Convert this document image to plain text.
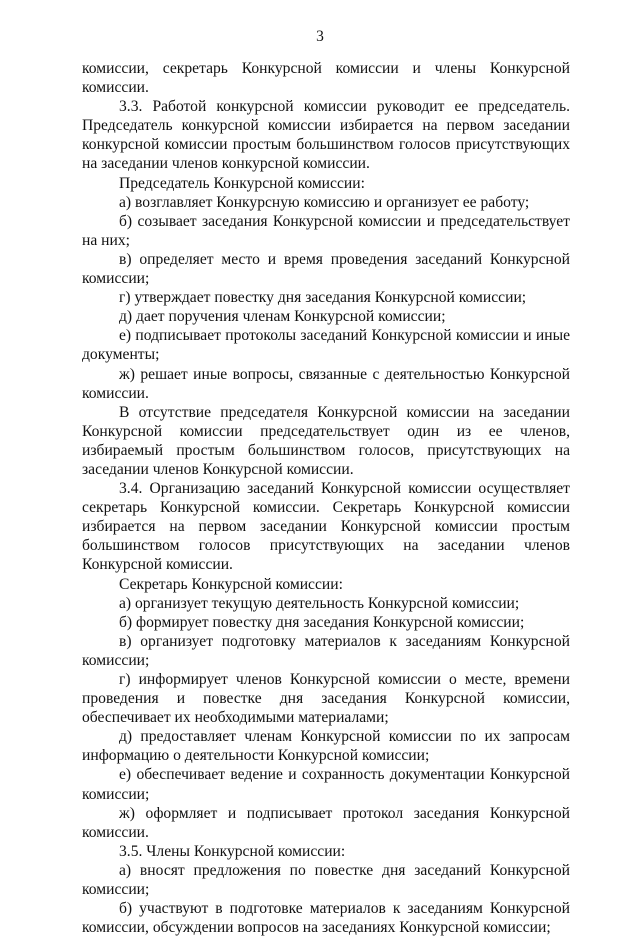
3

комиссии, секретарь Конкурсной комиссии и члены Конкурсной комиссии.

3.3. Работой конкурсной комиссии руководит ее председатель. Председатель конкурсной комиссии избирается на первом заседании конкурсной комиссии простым большинством голосов присутствующих на заседании членов конкурсной комиссии.

Председатель Конкурсной комиссии:

а) возглавляет Конкурсную комиссию и организует ее работу;

б) созывает заседания Конкурсной комиссии и председательствует на них;

в) определяет место и время проведения заседаний Конкурсной комиссии;

г) утверждает повестку дня заседания Конкурсной комиссии;

д) дает поручения членам Конкурсной комиссии;

е) подписывает протоколы заседаний Конкурсной комиссии и иные документы;

ж) решает иные вопросы, связанные с деятельностью Конкурсной комиссии.

В отсутствие председателя Конкурсной комиссии на заседании Конкурсной комиссии председательствует один из ее членов, избираемый простым большинством голосов, присутствующих на заседании членов Конкурсной комиссии.

3.4. Организацию заседаний Конкурсной комиссии осуществляет секретарь Конкурсной комиссии. Секретарь Конкурсной комиссии избирается на первом заседании Конкурсной комиссии простым большинством голосов присутствующих на заседании членов Конкурсной комиссии.

Секретарь Конкурсной комиссии:

а) организует текущую деятельность Конкурсной комиссии;

б) формирует повестку дня заседания Конкурсной комиссии;

в) организует подготовку материалов к заседаниям Конкурсной комиссии;

г) информирует членов Конкурсной комиссии о месте, времени проведения и повестке дня заседания Конкурсной комиссии, обеспечивает их необходимыми материалами;

д) предоставляет членам Конкурсной комиссии по их запросам информацию о деятельности Конкурсной комиссии;

е) обеспечивает ведение и сохранность документации Конкурсной комиссии;

ж) оформляет и подписывает протокол заседания Конкурсной комиссии.

3.5. Члены Конкурсной комиссии:

а) вносят предложения по повестке дня заседаний Конкурсной комиссии;

б) участвуют в подготовке материалов к заседаниям Конкурсной комиссии, обсуждении вопросов на заседаниях Конкурсной комиссии;
